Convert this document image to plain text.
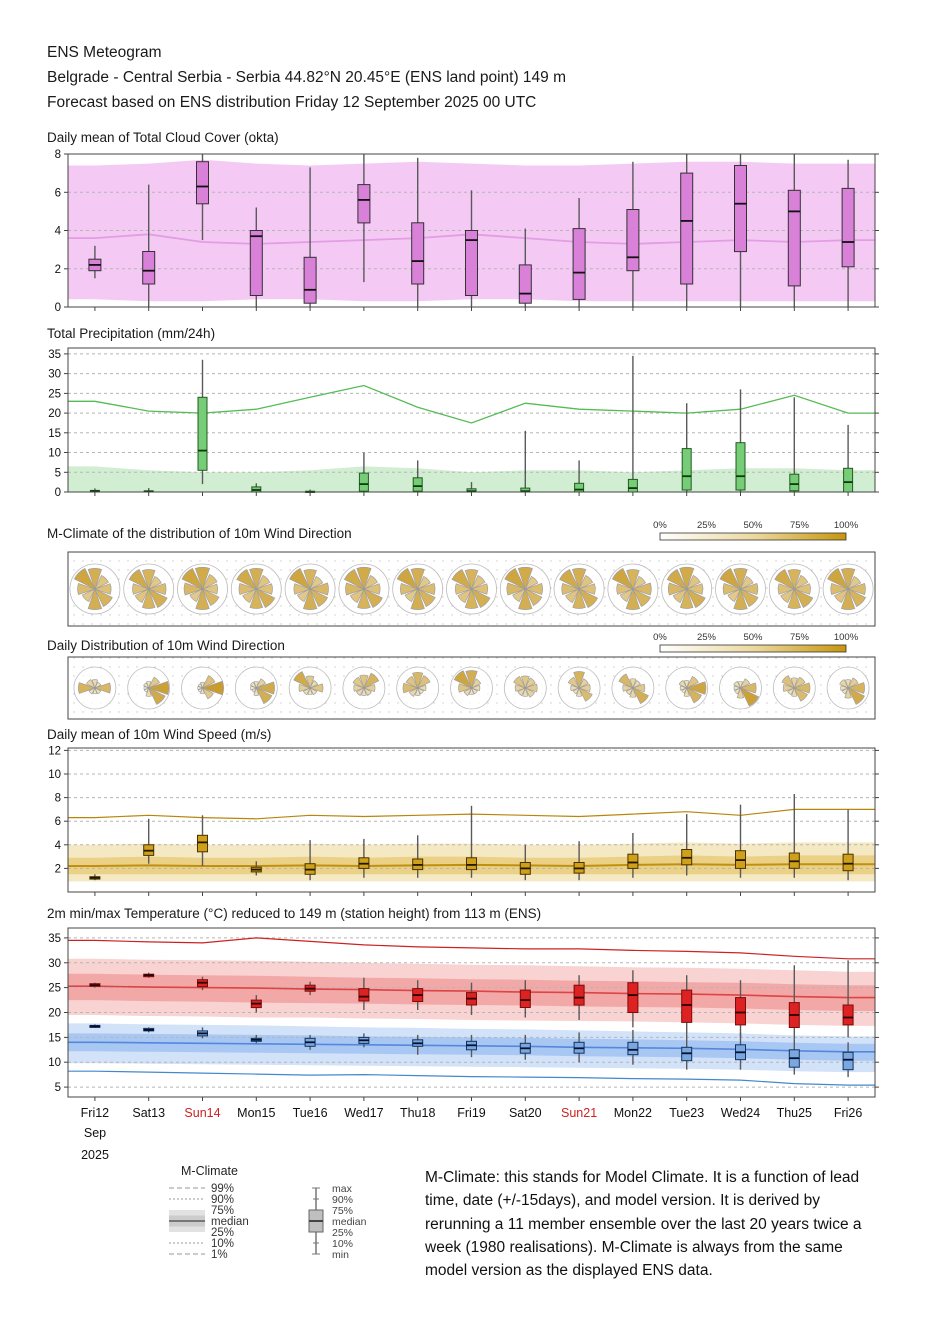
ENS Meteogram
Belgrade - Central Serbia - Serbia 44.82°N 20.45°E (ENS land point) 149 m
Forecast based on ENS distribution Friday 12 September 2025 00 UTC
Daily mean of Total Cloud Cover (okta)
0
2
4
6
8
Total Precipitation (mm/24h)
0
5
10
15
20
25
30
35
M-Climate of the distribution of 10m Wind Direction
0%	25%	50%	75%	100%
Daily Distribution of 10m Wind Direction
0%	25%	50%	75%	100%
Daily mean of 10m Wind Speed (m/s)
2
4
6
8
10
12
2m min/max Temperature (°C) reduced to 149 m (station height) from 113 m (ENS)
5
10
15
20
25
30
35
Fri12 Sat13 Sun14 Mon15 Tue16 Wed17 Thu18 Fri19 Sat20 Sun21 Mon22 Tue23 Wed24 Thu25 Fri26
Sep
2025
M-Climate
99%
90%
75%
median
25%
10%
1%
max
90%
75%
median
25%
10%
min
M-Climate: this stands for Model Climate. It is a function of lead time, date (+/-15days), and model version. It is derived by rerunning a 11 member ensemble over the last 20 years twice a week (1980 realisations). M-Climate is always from the same model version as the displayed ENS data.
